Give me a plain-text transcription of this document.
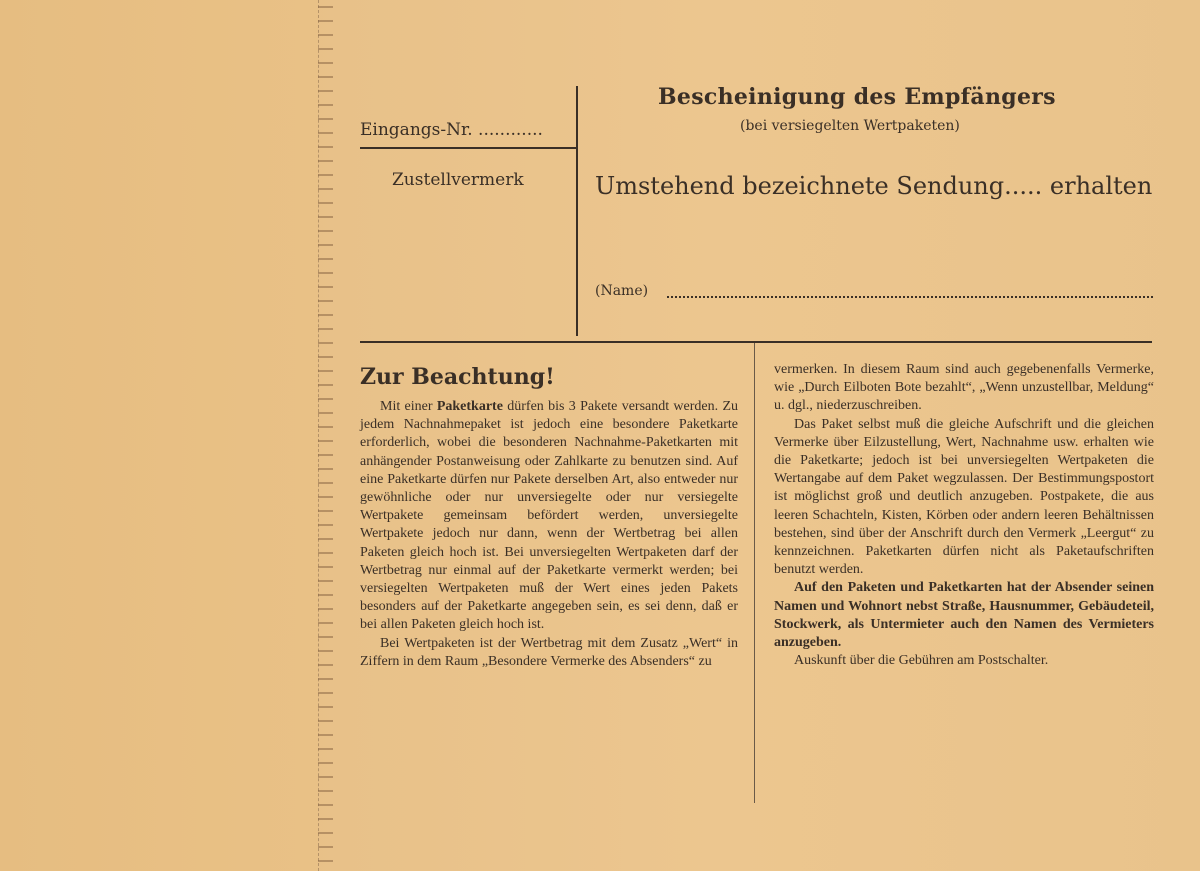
Eingangs-Nr. ............
Zustellvermerk
Bescheinigung des Empfängers
(bei versiegelten Wertpaketen)
Umstehend bezeichnete Sendung..... erhalten
(Name)
Zur Beachtung!

Mit einer Paketkarte dürfen bis 3 Pakete versandt werden. Zu jedem Nachnahmepaket ist jedoch eine besondere Paketkarte erforderlich, wobei die besonderen Nachnahme-Paketkarten mit anhängender Postanweisung oder Zahlkarte zu benutzen sind. Auf eine Paketkarte dürfen nur Pakete derselben Art, also entweder nur gewöhnliche oder nur unversiegelte oder nur versiegelte Wertpakete gemeinsam befördert werden, unversiegelte Wertpakete jedoch nur dann, wenn der Wertbetrag bei allen Paketen gleich hoch ist. Bei unversiegelten Wertpaketen darf der Wertbetrag nur einmal auf der Paketkarte vermerkt werden; bei versiegelten Wertpaketen muß der Wert eines jeden Pakets besonders auf der Paketkarte angegeben sein, es sei denn, daß er bei allen Paketen gleich hoch ist.

Bei Wertpaketen ist der Wertbetrag mit dem Zusatz „Wert“ in Ziffern in dem Raum „Besondere Vermerke des Absenders“ zu

vermerken. In diesem Raum sind auch gegebenenfalls Vermerke, wie „Durch Eilboten Bote bezahlt“, „Wenn unzustellbar, Meldung“ u. dgl., niederzuschreiben.

Das Paket selbst muß die gleiche Aufschrift und die gleichen Vermerke über Eilzustellung, Wert, Nachnahme usw. erhalten wie die Paketkarte; jedoch ist bei unversiegelten Wertpaketen die Wertangabe auf dem Paket wegzulassen. Der Bestimmungspostort ist möglichst groß und deutlich anzugeben. Postpakete, die aus leeren Schachteln, Kisten, Körben oder andern leeren Behältnissen bestehen, sind über der Anschrift durch den Vermerk „Leergut“ zu kennzeichnen. Paketkarten dürfen nicht als Paketaufschriften benutzt werden.

Auf den Paketen und Paketkarten hat der Absender seinen Namen und Wohnort nebst Straße, Hausnummer, Gebäudeteil, Stockwerk, als Untermieter auch den Namen des Vermieters anzugeben.

Auskunft über die Gebühren am Postschalter.
